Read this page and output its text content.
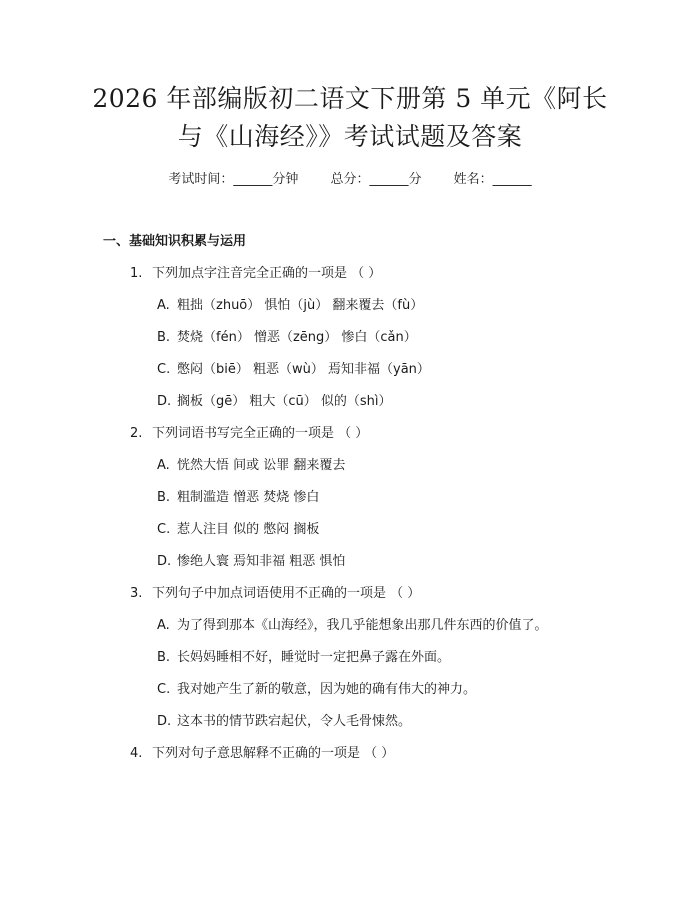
2026 年部编版初二语文下册第 5 单元《阿长
与《山海经》》考试试题及答案
考试时间：______分钟 总分：______分 姓名：______
一、基础知识积累与运用
1. 下列加点字注音完全正确的一项是 （ ）
A. 粗拙（zhuō） 惧怕（jù） 翻来覆去（fù）
B. 焚烧（fén） 憎恶（zēng） 惨白（cǎn）
C. 憋闷（biē） 粗恶（wù） 焉知非福（yān）
D. 搁板（gē） 粗大（cū） 似的（shì）
2. 下列词语书写完全正确的一项是 （ ）
A. 恍然大悟 间或 讼罪 翻来覆去
B. 粗制滥造 憎恶 焚烧 惨白
C. 惹人注目 似的 憋闷 搁板
D. 惨绝人寰 焉知非福 粗恶 惧怕
3. 下列句子中加点词语使用不正确的一项是 （ ）
A. 为了得到那本《山海经》，我几乎能想象出那几件东西的价值了。
B. 长妈妈睡相不好，睡觉时一定把鼻子露在外面。
C. 我对她产生了新的敬意，因为她的确有伟大的神力。
D. 这本书的情节跌宕起伏，令人毛骨悚然。
4. 下列对句子意思解释不正确的一项是 （ ）
